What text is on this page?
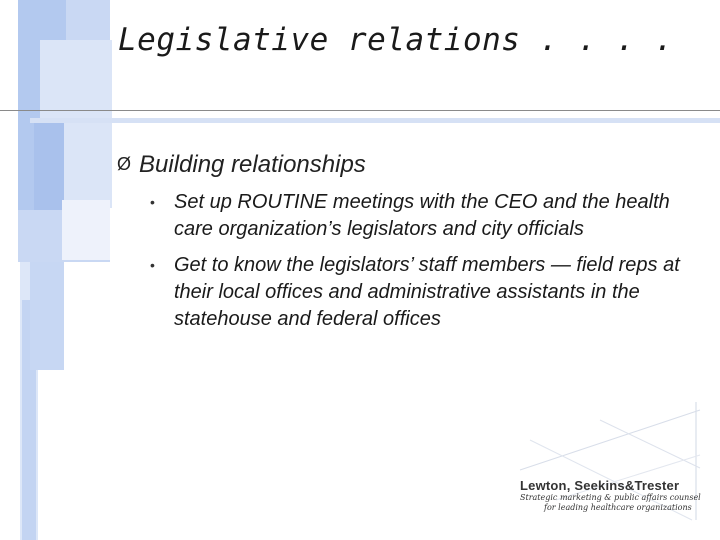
Legislative relations . . . .
Ø Building relationships
• Set up ROUTINE meetings with the CEO and the health care organization’s legislators and city officials
• Get to know the legislators’ staff members — field reps at their local offices and administrative assistants in the statehouse and federal offices
Lewton, Seekins&Trester
Strategic marketing & public affairs counsel
for leading healthcare organizations
